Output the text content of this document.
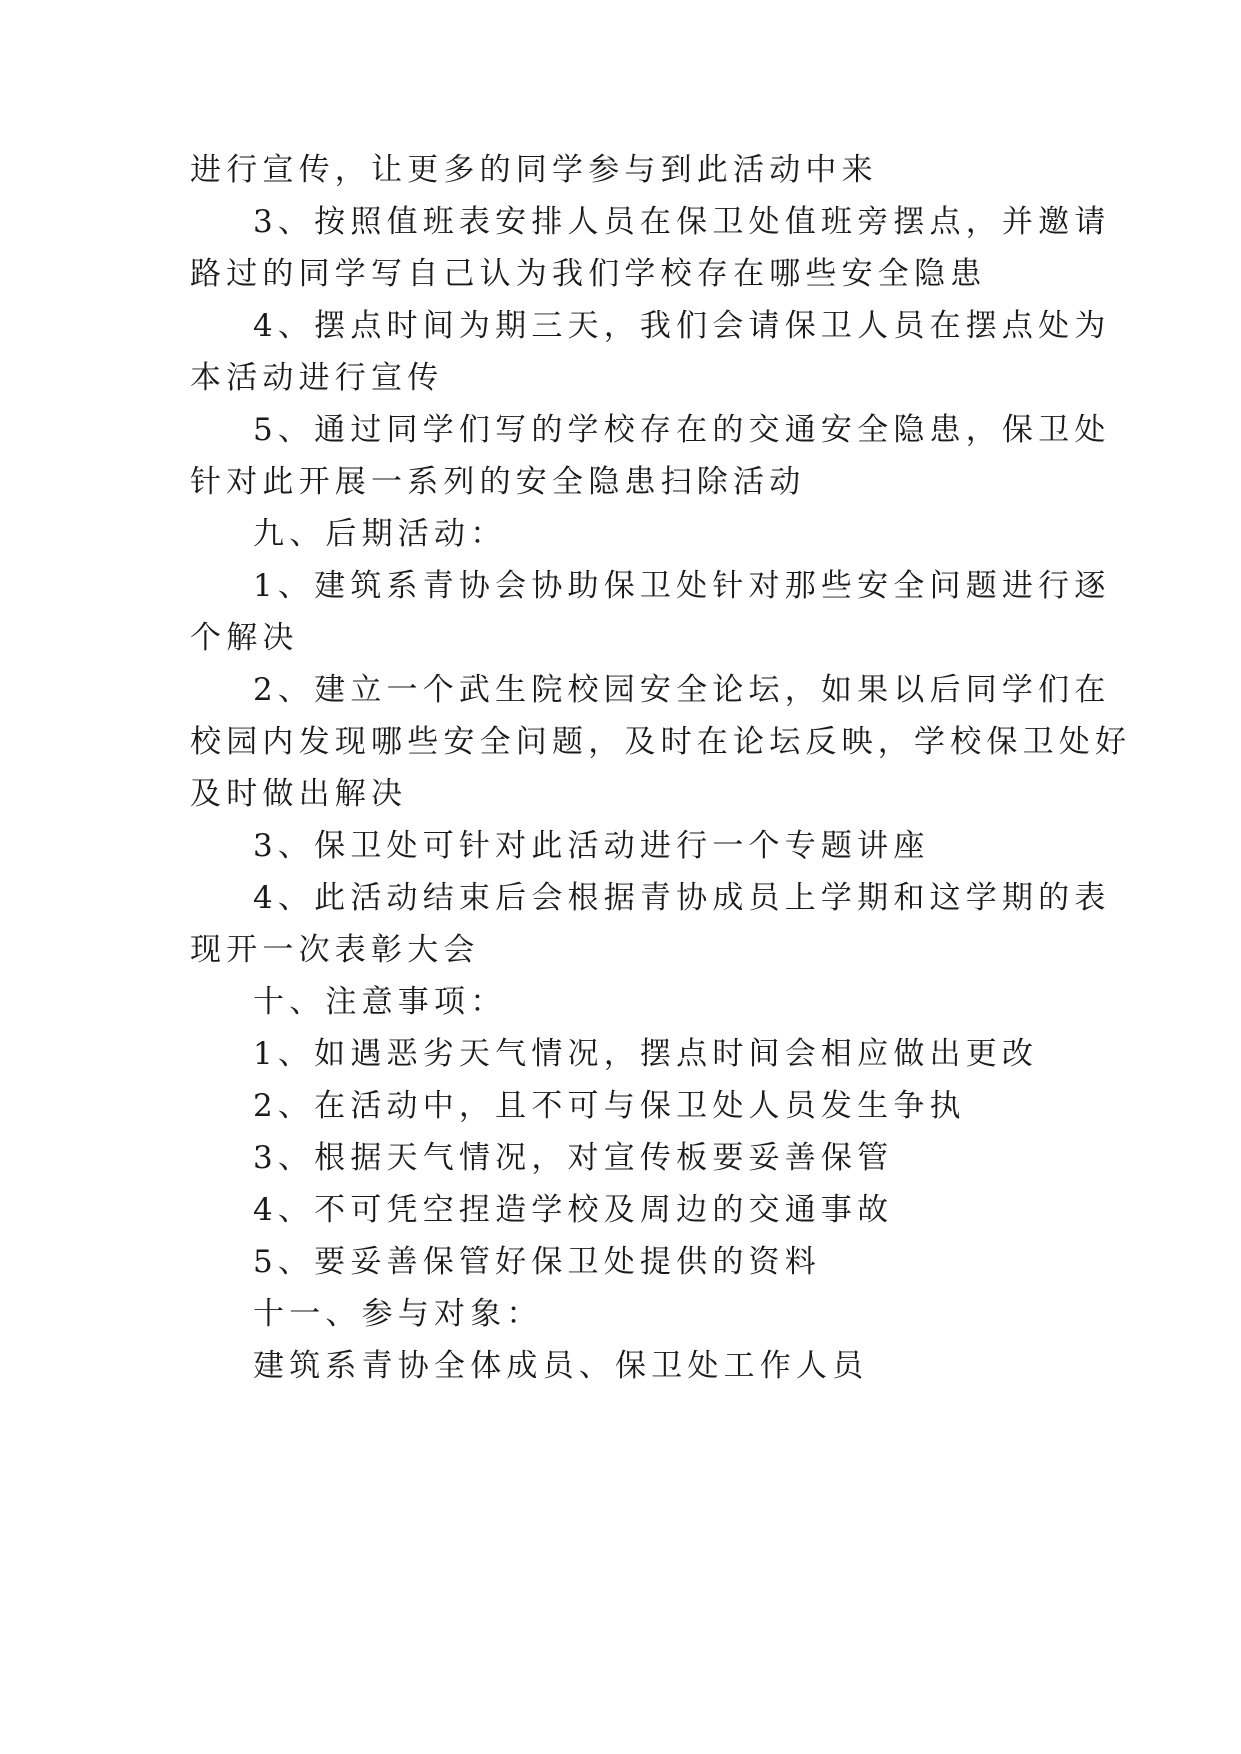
进行宣传，让更多的同学参与到此活动中来
3、按照值班表安排人员在保卫处值班旁摆点，并邀请
路过的同学写自己认为我们学校存在哪些安全隐患
4、摆点时间为期三天，我们会请保卫人员在摆点处为
本活动进行宣传
5、通过同学们写的学校存在的交通安全隐患，保卫处
针对此开展一系列的安全隐患扫除活动
九、后期活动：
1、建筑系青协会协助保卫处针对那些安全问题进行逐
个解决
2、建立一个武生院校园安全论坛，如果以后同学们在
校园内发现哪些安全问题，及时在论坛反映，学校保卫处好
及时做出解决
3、保卫处可针对此活动进行一个专题讲座
4、此活动结束后会根据青协成员上学期和这学期的表
现开一次表彰大会
十、注意事项：
1、如遇恶劣天气情况，摆点时间会相应做出更改
2、在活动中，且不可与保卫处人员发生争执
3、根据天气情况，对宣传板要妥善保管
4、不可凭空捏造学校及周边的交通事故
5、要妥善保管好保卫处提供的资料
十一、参与对象：
建筑系青协全体成员、保卫处工作人员
